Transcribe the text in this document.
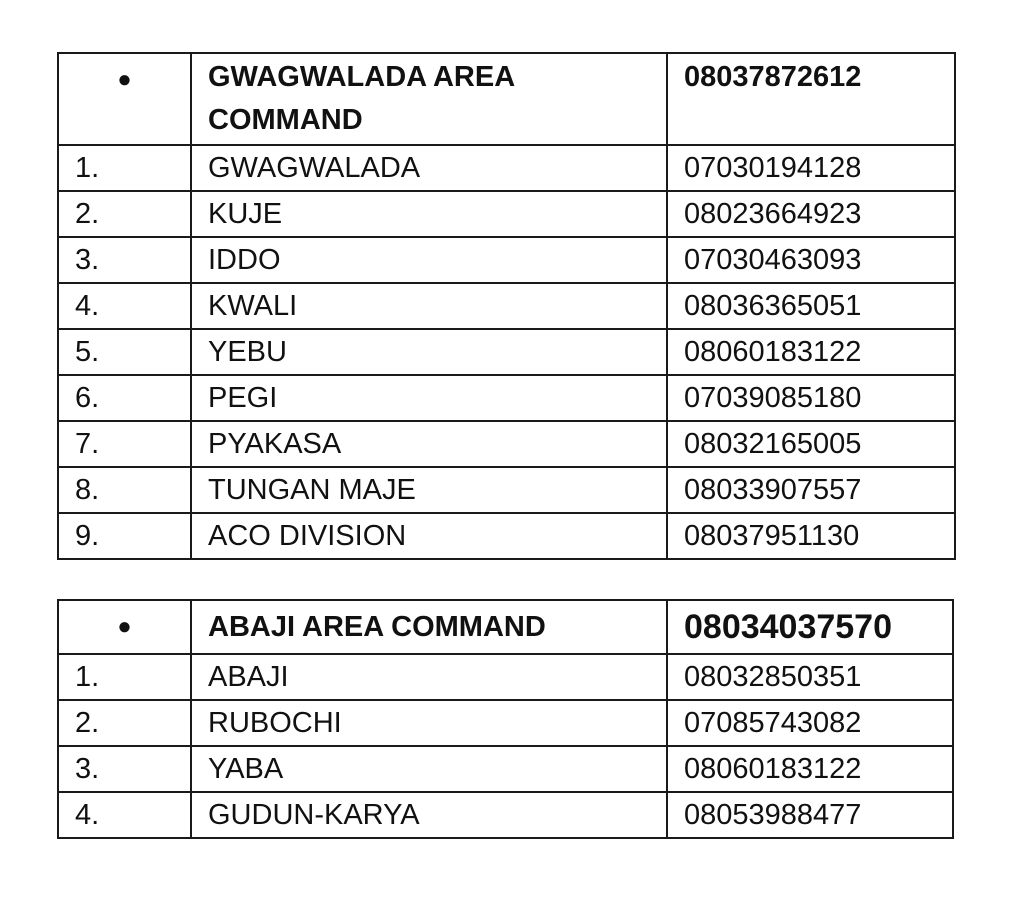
●	GWAGWALADA AREA COMMAND	08037872612
1.	GWAGWALADA	07030194128
2.	KUJE	08023664923
3.	IDDO	07030463093
4.	KWALI	08036365051
5.	YEBU	08060183122
6.	PEGI	07039085180
7.	PYAKASA	08032165005
8.	TUNGAN MAJE	08033907557
9.	ACO DIVISION	08037951130
●	ABAJI AREA COMMAND	08034037570
1.	ABAJI	08032850351
2.	RUBOCHI	07085743082
3.	YABA	08060183122
4.	GUDUN-KARYA	08053988477
